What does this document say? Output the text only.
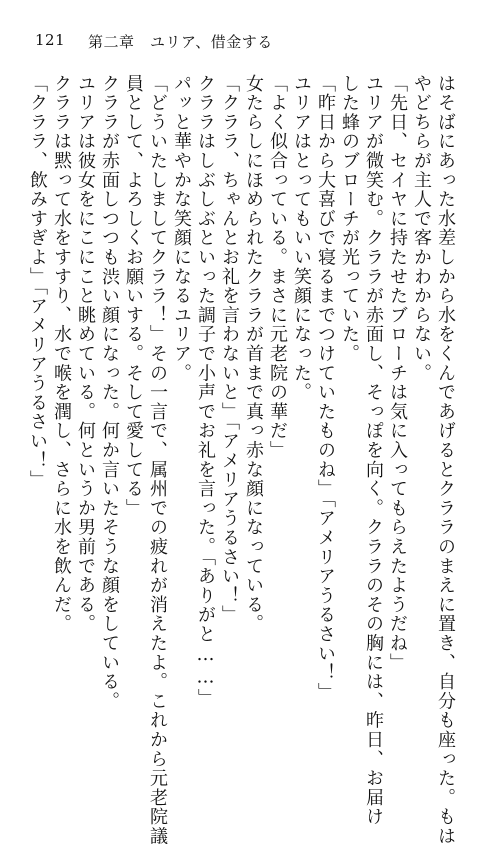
121 第二章　ユリア、借金する
はそばにあった水差しから水をくんであげるとクララのまえに置き、自分も座った。もは
やどちらが主人で客かわからない。
「先日、セイヤに持たせたブローチは気に入ってもらえたようだね」
ユリアが微笑む。クララが赤面し、そっぽを向く。クララのその胸には、昨日、お届け
した蜂のブローチが光っていた。
「昨日から大喜びで寝るまでつけていたものね」「アメリアうるさい！」
ユリアはとってもいい笑顔になった。
「よく似合っている。まさに元老院の華だ」
女たらしにほめられたクララが首まで真っ赤な顔になっている。
「クララ、ちゃんとお礼を言わないと」「アメリアうるさい！」
クララはしぶしぶといった調子で小声でお礼を言った。「ありがと……」
パッと華やかな笑顔になるユリア。
「どういたしましてクララ！」その一言で、属州での疲れが消えたよ。これから元老院議
員として、よろしくお願いする。そして愛してる」
クララが赤面しつつも渋い顔になった。何か言いたそうな顔をしている。
ユリアは彼女をにこにこと眺めている。何というか男前である。
クララは黙って水をすすり、水で喉を潤し、さらに水を飲んだ。
「クララ、飲みすぎよ」「アメリアうるさい！」
